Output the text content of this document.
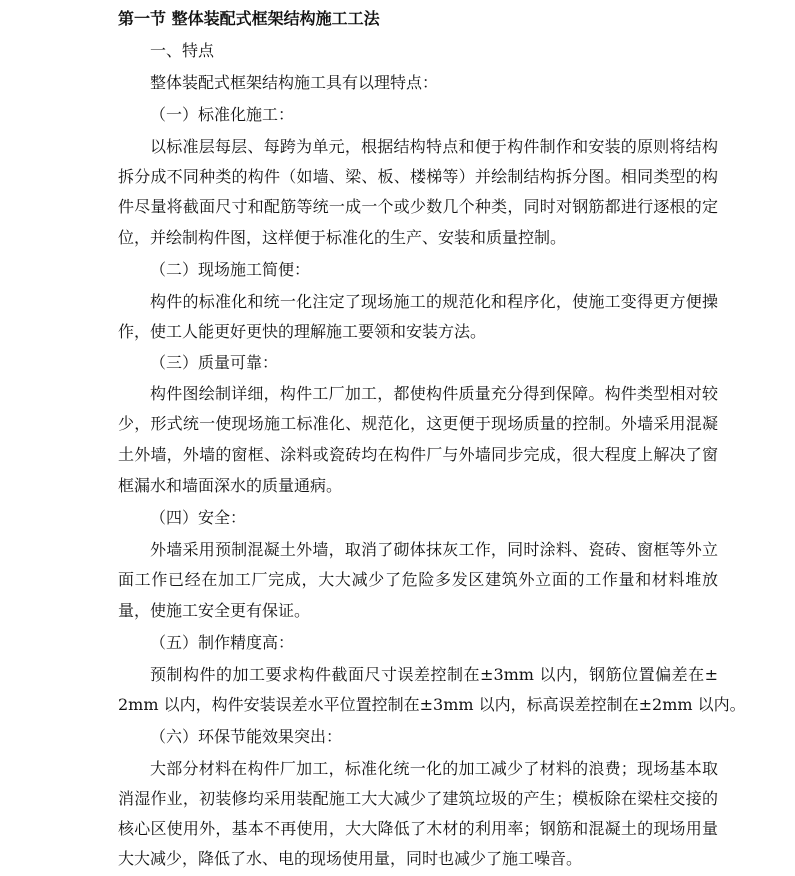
第一节 整体装配式框架结构施工工法
一、特点
整体装配式框架结构施工具有以理特点：
（一）标准化施工：
以标准层每层、每跨为单元，根据结构特点和便于构件制作和安装的原则将结构
拆分成不同种类的构件（如墙、梁、板、楼梯等）并绘制结构拆分图。相同类型的构
件尽量将截面尺寸和配筋等统一成一个或少数几个种类，同时对钢筋都进行逐根的定
位，并绘制构件图，这样便于标准化的生产、安装和质量控制。
（二）现场施工简便：
构件的标准化和统一化注定了现场施工的规范化和程序化，使施工变得更方便操
作，使工人能更好更快的理解施工要领和安装方法。
（三）质量可靠：
构件图绘制详细，构件工厂加工，都使构件质量充分得到保障。构件类型相对较
少，形式统一使现场施工标准化、规范化，这更便于现场质量的控制。外墙采用混凝
土外墙，外墙的窗框、涂料或瓷砖均在构件厂与外墙同步完成，很大程度上解决了窗
框漏水和墙面深水的质量通病。
（四）安全：
外墙采用预制混凝土外墙，取消了砌体抹灰工作，同时涂料、瓷砖、窗框等外立
面工作已经在加工厂完成，大大减少了危险多发区建筑外立面的工作量和材料堆放
量，使施工安全更有保证。
（五）制作精度高：
预制构件的加工要求构件截面尺寸误差控制在±3mm 以内，钢筋位置偏差在±
2mm 以内，构件安装误差水平位置控制在±3mm 以内，标高误差控制在±2mm 以内。
（六）环保节能效果突出：
大部分材料在构件厂加工，标准化统一化的加工减少了材料的浪费；现场基本取
消湿作业，初装修均采用装配施工大大减少了建筑垃圾的产生；模板除在梁柱交接的
核心区使用外，基本不再使用，大大降低了木材的利用率；钢筋和混凝土的现场用量
大大减少，降低了水、电的现场使用量，同时也减少了施工噪音。
